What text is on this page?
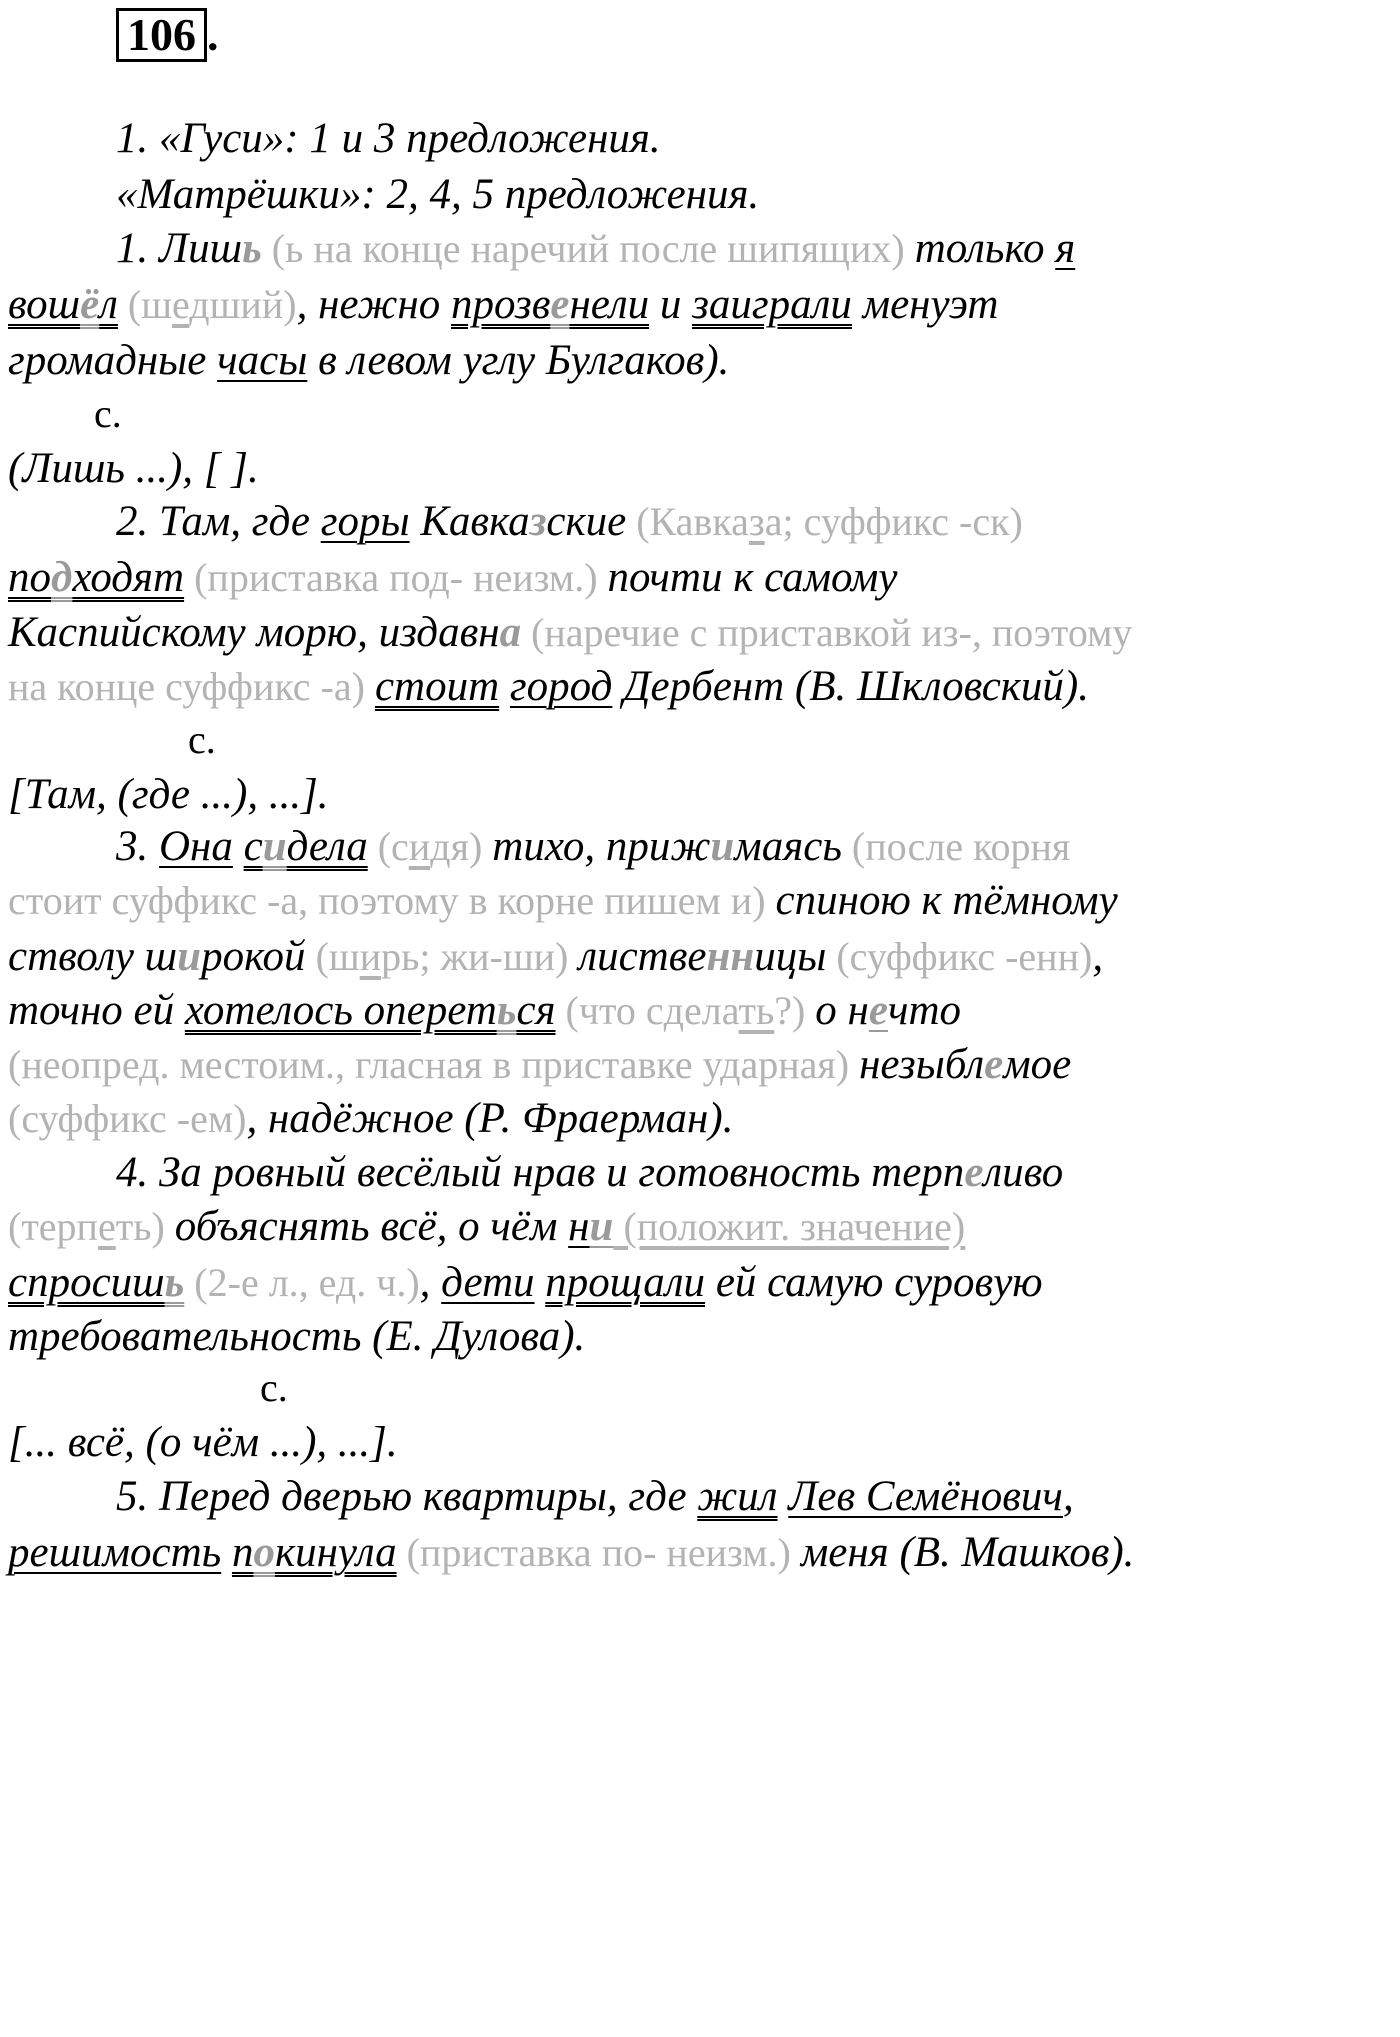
106 .
1. «Гуси»: 1 и 3 предложения.
«Матрёшки»: 2, 4, 5 предложения.
1. Лишь (ь на конце наречий после шипящих) только я
вошёл (шедший), нежно прозвенели и заиграли менуэт
громадные часы в левом углу Булгаков).
с.
(Лишь ...), [ ].
2. Там, где горы Кавказские (Кавказа; суффикс -ск)
подходят (приставка под- неизм.) почти к самому
Каспийскому морю, издавна (наречие с приставкой из-, поэтому
на конце суффикс -а) стоит город Дербент (В. Шкловский).
с.
[Там, (где ...), ...].
3. Она сидела (сидя) тихо, прижимаясь (после корня
стоит суффикс -а, поэтому в корне пишем и) спиною к тёмному
стволу широкой (ширь; жи-ши) лиственницы (суффикс -енн),
точно ей хотелось опереться (что сделать?) о нечто
(неопред. местоим., гласная в приставке ударная) незыблемое
(суффикс -ем), надёжное (Р. Фраерман).
4. За ровный весёлый нрав и готовность терпеливо
(терпеть) объяснять всё, о чём ни (положит. значение)
спросишь (2-е л., ед. ч.), дети прощали ей самую суровую
требовательность (Е. Дулова).
с.
[... всё, (о чём ...), ...].
5. Перед дверью квартиры, где жил Лев Семёнович,
решимость покинула (приставка по- неизм.) меня (В. Машков).
